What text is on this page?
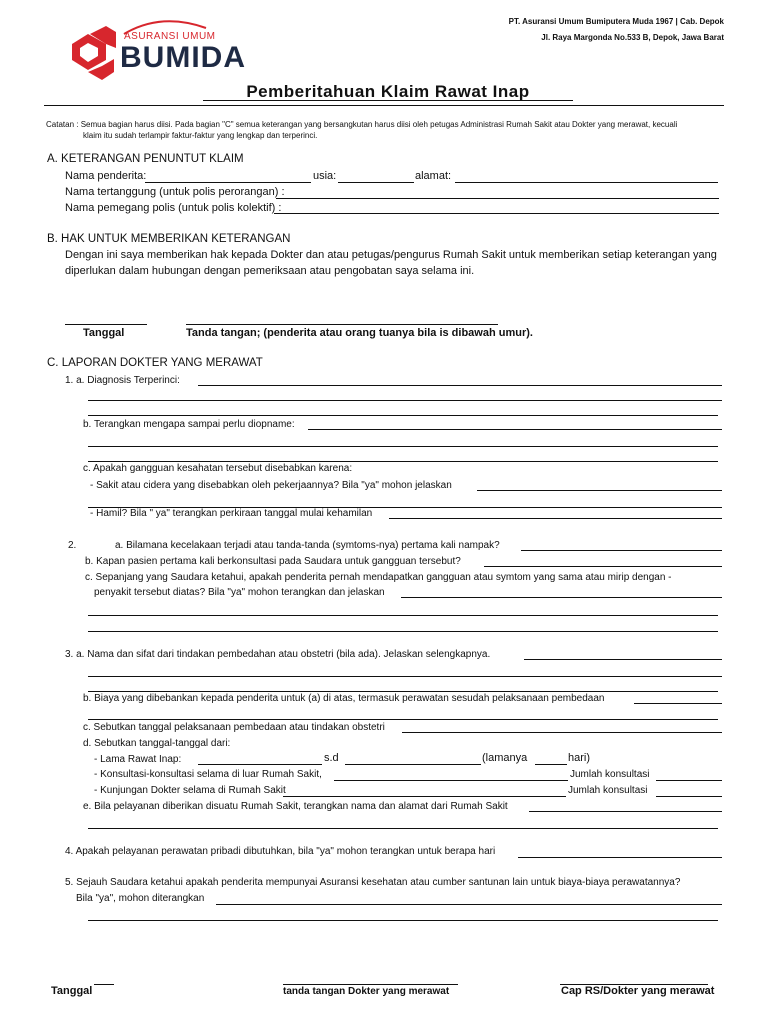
ASURANSI UMUM
BUMIDA
PT. Asuransi Umum Bumiputera Muda 1967 | Cab. Depok
Jl. Raya Margonda No.533 B, Depok, Jawa Barat
Pemberitahuan Klaim Rawat Inap
Catatan : Semua bagian harus diisi. Pada bagian "C" semua keterangan yang bersangkutan harus diisi oleh petugas Administrasi Rumah Sakit atau Dokter yang merawat, kecuali
klaim itu sudah terlampir faktur-faktur yang lengkap dan terperinci.
A. KETERANGAN PENUNTUT KLAIM
Nama penderita:	usia:	alamat:
Nama tertanggung (untuk polis perorangan) :
Nama pemegang polis (untuk polis kolektif) :
B. HAK UNTUK MEMBERIKAN KETERANGAN
Dengan ini saya memberikan hak kepada Dokter dan atau petugas/pengurus Rumah Sakit untuk memberikan setiap keterangan yang
diperlukan dalam hubungan dengan pemeriksaan atau pengobatan saya selama ini.
Tanggal	Tanda tangan; (penderita atau orang tuanya bila is dibawah umur).
C. LAPORAN DOKTER YANG MERAWAT
1. a. Diagnosis Terperinci:
b. Terangkan mengapa sampai perlu diopname:
c. Apakah gangguan kesahatan tersebut disebabkan karena:
- Sakit atau cidera yang disebabkan oleh pekerjaannya? Bila "ya" mohon jelaskan
- Hamil? Bila " ya" terangkan perkiraan tanggal mulai kehamilan
2.	a. Bilamana kecelakaan terjadi atau tanda-tanda (symtoms-nya) pertama kali nampak?
b. Kapan pasien pertama kali berkonsultasi pada Saudara untuk gangguan tersebut?
c. Sepanjang yang Saudara ketahui, apakah penderita pernah mendapatkan gangguan atau symtom yang sama atau mirip dengan -
penyakit tersebut diatas? Bila "ya" mohon terangkan dan jelaskan
3. a. Nama dan sifat dari tindakan pembedahan atau obstetri (bila ada). Jelaskan selengkapnya.
b. Biaya yang dibebankan kepada penderita untuk (a) di atas, termasuk perawatan sesudah pelaksanaan pembedaan
c. Sebutkan tanggal pelaksanaan pembedaan atau tindakan obstetri
d. Sebutkan tanggal-tanggal dari:
- Lama Rawat Inap:	s.d	(lamanya	hari)
- Konsultasi-konsultasi selama di luar Rumah Sakit,	Jumlah konsultasi
- Kunjungan Dokter selama di Rumah Sakit	Jumlah konsultasi
e. Bila pelayanan diberikan disuatu Rumah Sakit, terangkan nama dan alamat dari Rumah Sakit
4. Apakah pelayanan perawatan pribadi dibutuhkan, bila "ya" mohon terangkan untuk berapa hari
5. Sejauh Saudara ketahui apakah penderita mempunyai Asuransi kesehatan atau cumber santunan lain untuk biaya-biaya perawatannya?
Bila "ya", mohon diterangkan
Tanggal	tanda tangan Dokter yang merawat	Cap RS/Dokter yang merawat
